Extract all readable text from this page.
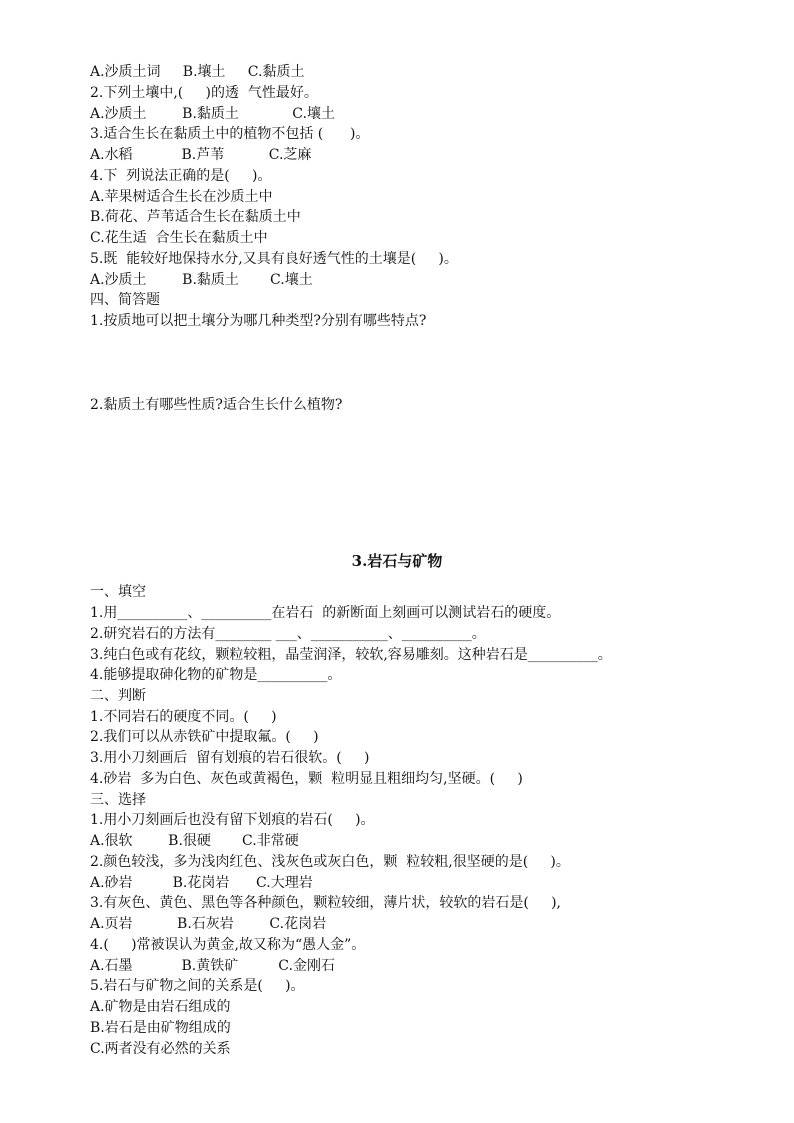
A.沙质土词     B.壤土     C.黏质土
2.下列土壤中,(     )的透  气性最好。
A.沙质土        B.黏质土            C.壤土
3.适合生长在黏质土中的植物不包括 (      )。
A.水稻           B.芦苇          C.芝麻
4.下  列说法正确的是(     )。
A.苹果树适合生长在沙质土中
B.荷花、芦苇适合生长在黏质土中
C.花生适  合生长在黏质土中
5.既  能较好地保持水分,又具有良好透气性的土壤是(     )。
A.沙质土        B.黏质土       C.壤土
四、简答题
1.按质地可以把土壤分为哪几种类型?分别有哪些特点?
2.黏质土有哪些性质?适合生长什么植物?
3.岩石与矿物
一、填空
1.用__________、__________在岩石  的新断面上刻画可以测试岩石的硬度。
2.研究岩石的方法有________ ___、___________、__________。
3.纯白色或有花纹，颗粒较粗，晶莹润泽，较软,容易雕刻。这种岩石是__________。
4.能够提取砷化物的矿物是__________。
二、判断
1.不同岩石的硬度不同。(     )
2.我们可以从赤铁矿中提取氟。(     )
3.用小刀刻画后  留有划痕的岩石很软。(     )
4.砂岩  多为白色、灰色或黄褐色，颗  粒明显且粗细均匀,坚硬。(     )
三、选择
1.用小刀刻画后也没有留下划痕的岩石(     )。
A.很软        B.很硬       C.非常硬
2.颜色较浅，多为浅肉红色、浅灰色或灰白色，颗  粒较粗,很坚硬的是(     )。
A.砂岩         B.花岗岩      C.大理岩
3.有灰色、黄色、黑色等各种颜色，颗粒较细，薄片状，较软的岩石是(     ),
A.页岩          B.石灰岩        C.花岗岩
4.(     )常被误认为黄金,故又称为“愚人金”。
A.石墨           B.黄铁矿         C.金刚石
5.岩石与矿物之间的关系是(     )。
A.矿物是由岩石组成的
B.岩石是由矿物组成的
C.两者没有必然的关系
